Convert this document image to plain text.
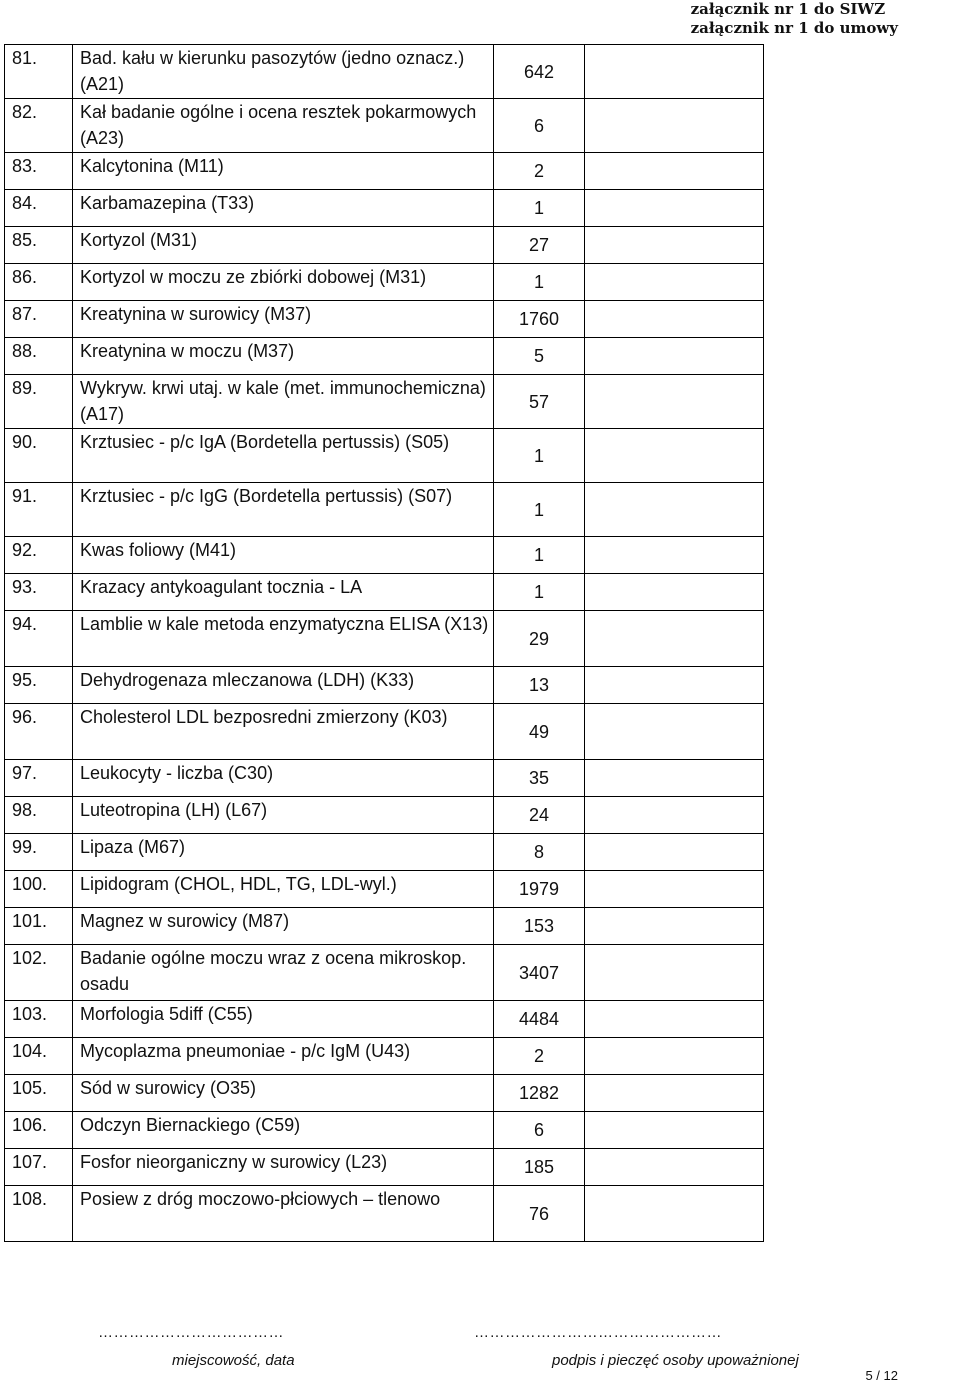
załącznik nr 1 do SIWZ
załącznik nr 1 do umowy
81.	Bad. kału w kierunku pasozytów (jedno oznacz.) (A21)	642	
82.	Kał badanie ogólne i ocena resztek pokarmowych (A23)	6	
83.	Kalcytonina (M11)	2	
84.	Karbamazepina (T33)	1	
85.	Kortyzol (M31)	27	
86.	Kortyzol w moczu ze zbiórki dobowej (M31)	1	
87.	Kreatynina w surowicy (M37)	1760	
88.	Kreatynina w moczu (M37)	5	
89.	Wykryw. krwi utaj. w kale (met. immunochemiczna) (A17)	57	
90.	Krztusiec - p/c IgA (Bordetella pertussis) (S05)	1	
91.	Krztusiec - p/c IgG (Bordetella pertussis) (S07)	1	
92.	Kwas foliowy (M41)	1	
93.	Krazacy antykoagulant tocznia - LA	1	
94.	Lamblie w kale metoda enzymatyczna ELISA (X13)	29	
95.	Dehydrogenaza mleczanowa (LDH) (K33)	13	
96.	Cholesterol LDL bezposredni zmierzony (K03)	49	
97.	Leukocyty - liczba (C30)	35	
98.	Luteotropina (LH) (L67)	24	
99.	Lipaza (M67)	8	
100.	Lipidogram (CHOL, HDL, TG, LDL-wyl.)	1979	
101.	Magnez w surowicy (M87)	153	
102.	Badanie ogólne moczu wraz z ocena mikroskop. osadu	3407	
103.	Morfologia 5diff (C55)	4484	
104.	Mycoplazma pneumoniae - p/c IgM (U43)	2	
105.	Sód w surowicy (O35)	1282	
106.	Odczyn Biernackiego (C59)	6	
107.	Fosfor nieorganiczny w surowicy (L23)	185	
108.	Posiew z dróg moczowo-płciowych – tlenowo	76	
………………………………	…………………………………………
miejscowość, data	podpis i pieczęć osoby upoważnionej
5 / 12
